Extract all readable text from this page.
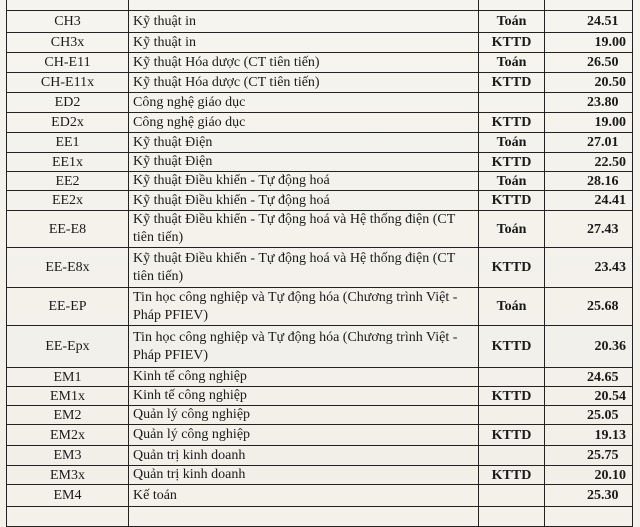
CH3	Kỹ thuật in	Toán	24.51
CH3x	Kỹ thuật in	KTTD	19.00
CH-E11	Kỹ thuật Hóa dược (CT tiên tiến)	Toán	26.50
CH-E11x	Kỹ thuật Hóa dược (CT tiên tiến)	KTTD	20.50
ED2	Công nghệ giáo dục		23.80
ED2x	Công nghệ giáo dục	KTTD	19.00
EE1	Kỹ thuật Điện	Toán	27.01
EE1x	Kỹ thuật Điện	KTTD	22.50
EE2	Kỹ thuật Điều khiển - Tự động hoá	Toán	28.16
EE2x	Kỹ thuật Điều khiển - Tự động hoá	KTTD	24.41
EE-E8	Kỹ thuật Điều khiển - Tự động hoá và Hệ thống điện (CT tiên tiến)	Toán	27.43
EE-E8x	Kỹ thuật Điều khiển - Tự động hoá và Hệ thống điện (CT tiên tiến)	KTTD	23.43
EE-EP	Tin học công nghiệp và Tự động hóa (Chương trình Việt - Pháp PFIEV)	Toán	25.68
EE-Epx	Tin học công nghiệp và Tự động hóa (Chương trình Việt - Pháp PFIEV)	KTTD	20.36
EM1	Kinh tế công nghiệp		24.65
EM1x	Kinh tế công nghiệp	KTTD	20.54
EM2	Quản lý công nghiệp		25.05
EM2x	Quản lý công nghiệp	KTTD	19.13
EM3	Quản trị kinh doanh		25.75
EM3x	Quản trị kinh doanh	KTTD	20.10
EM4	Kế toán		25.30
